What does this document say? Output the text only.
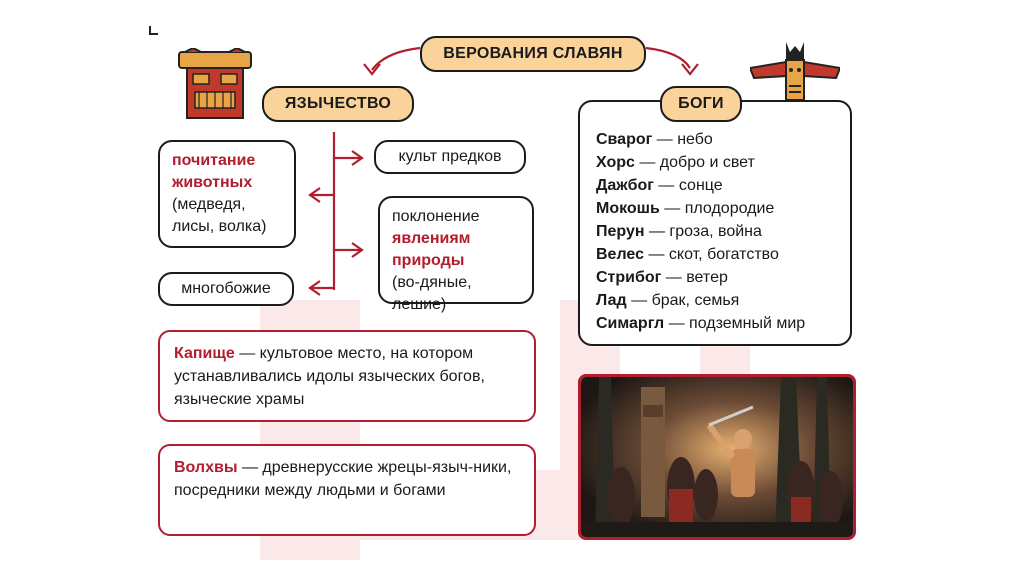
ВЕРОВАНИЯ СЛАВЯН
ЯЗЫЧЕСТВО	БОГИ
почитание животных
(медведя, лисы, волка)
культ предков
поклонение
явлениям природы
(во-дяные, лешие)
многобожие
Сварог — небо
Хорс — добро и свет
Дажбог — сонце
Мокошь — плодородие
Перун — гроза, война
Велес — скот, богатство
Стрибог — ветер
Лад — брак, семья
Симаргл — подземный мир
Капище — культовое место, на котором устанавливались идолы языческих богов, языческие храмы
Волхвы — древнерусские жрецы-языч-ники, посредники между людьми и богами
